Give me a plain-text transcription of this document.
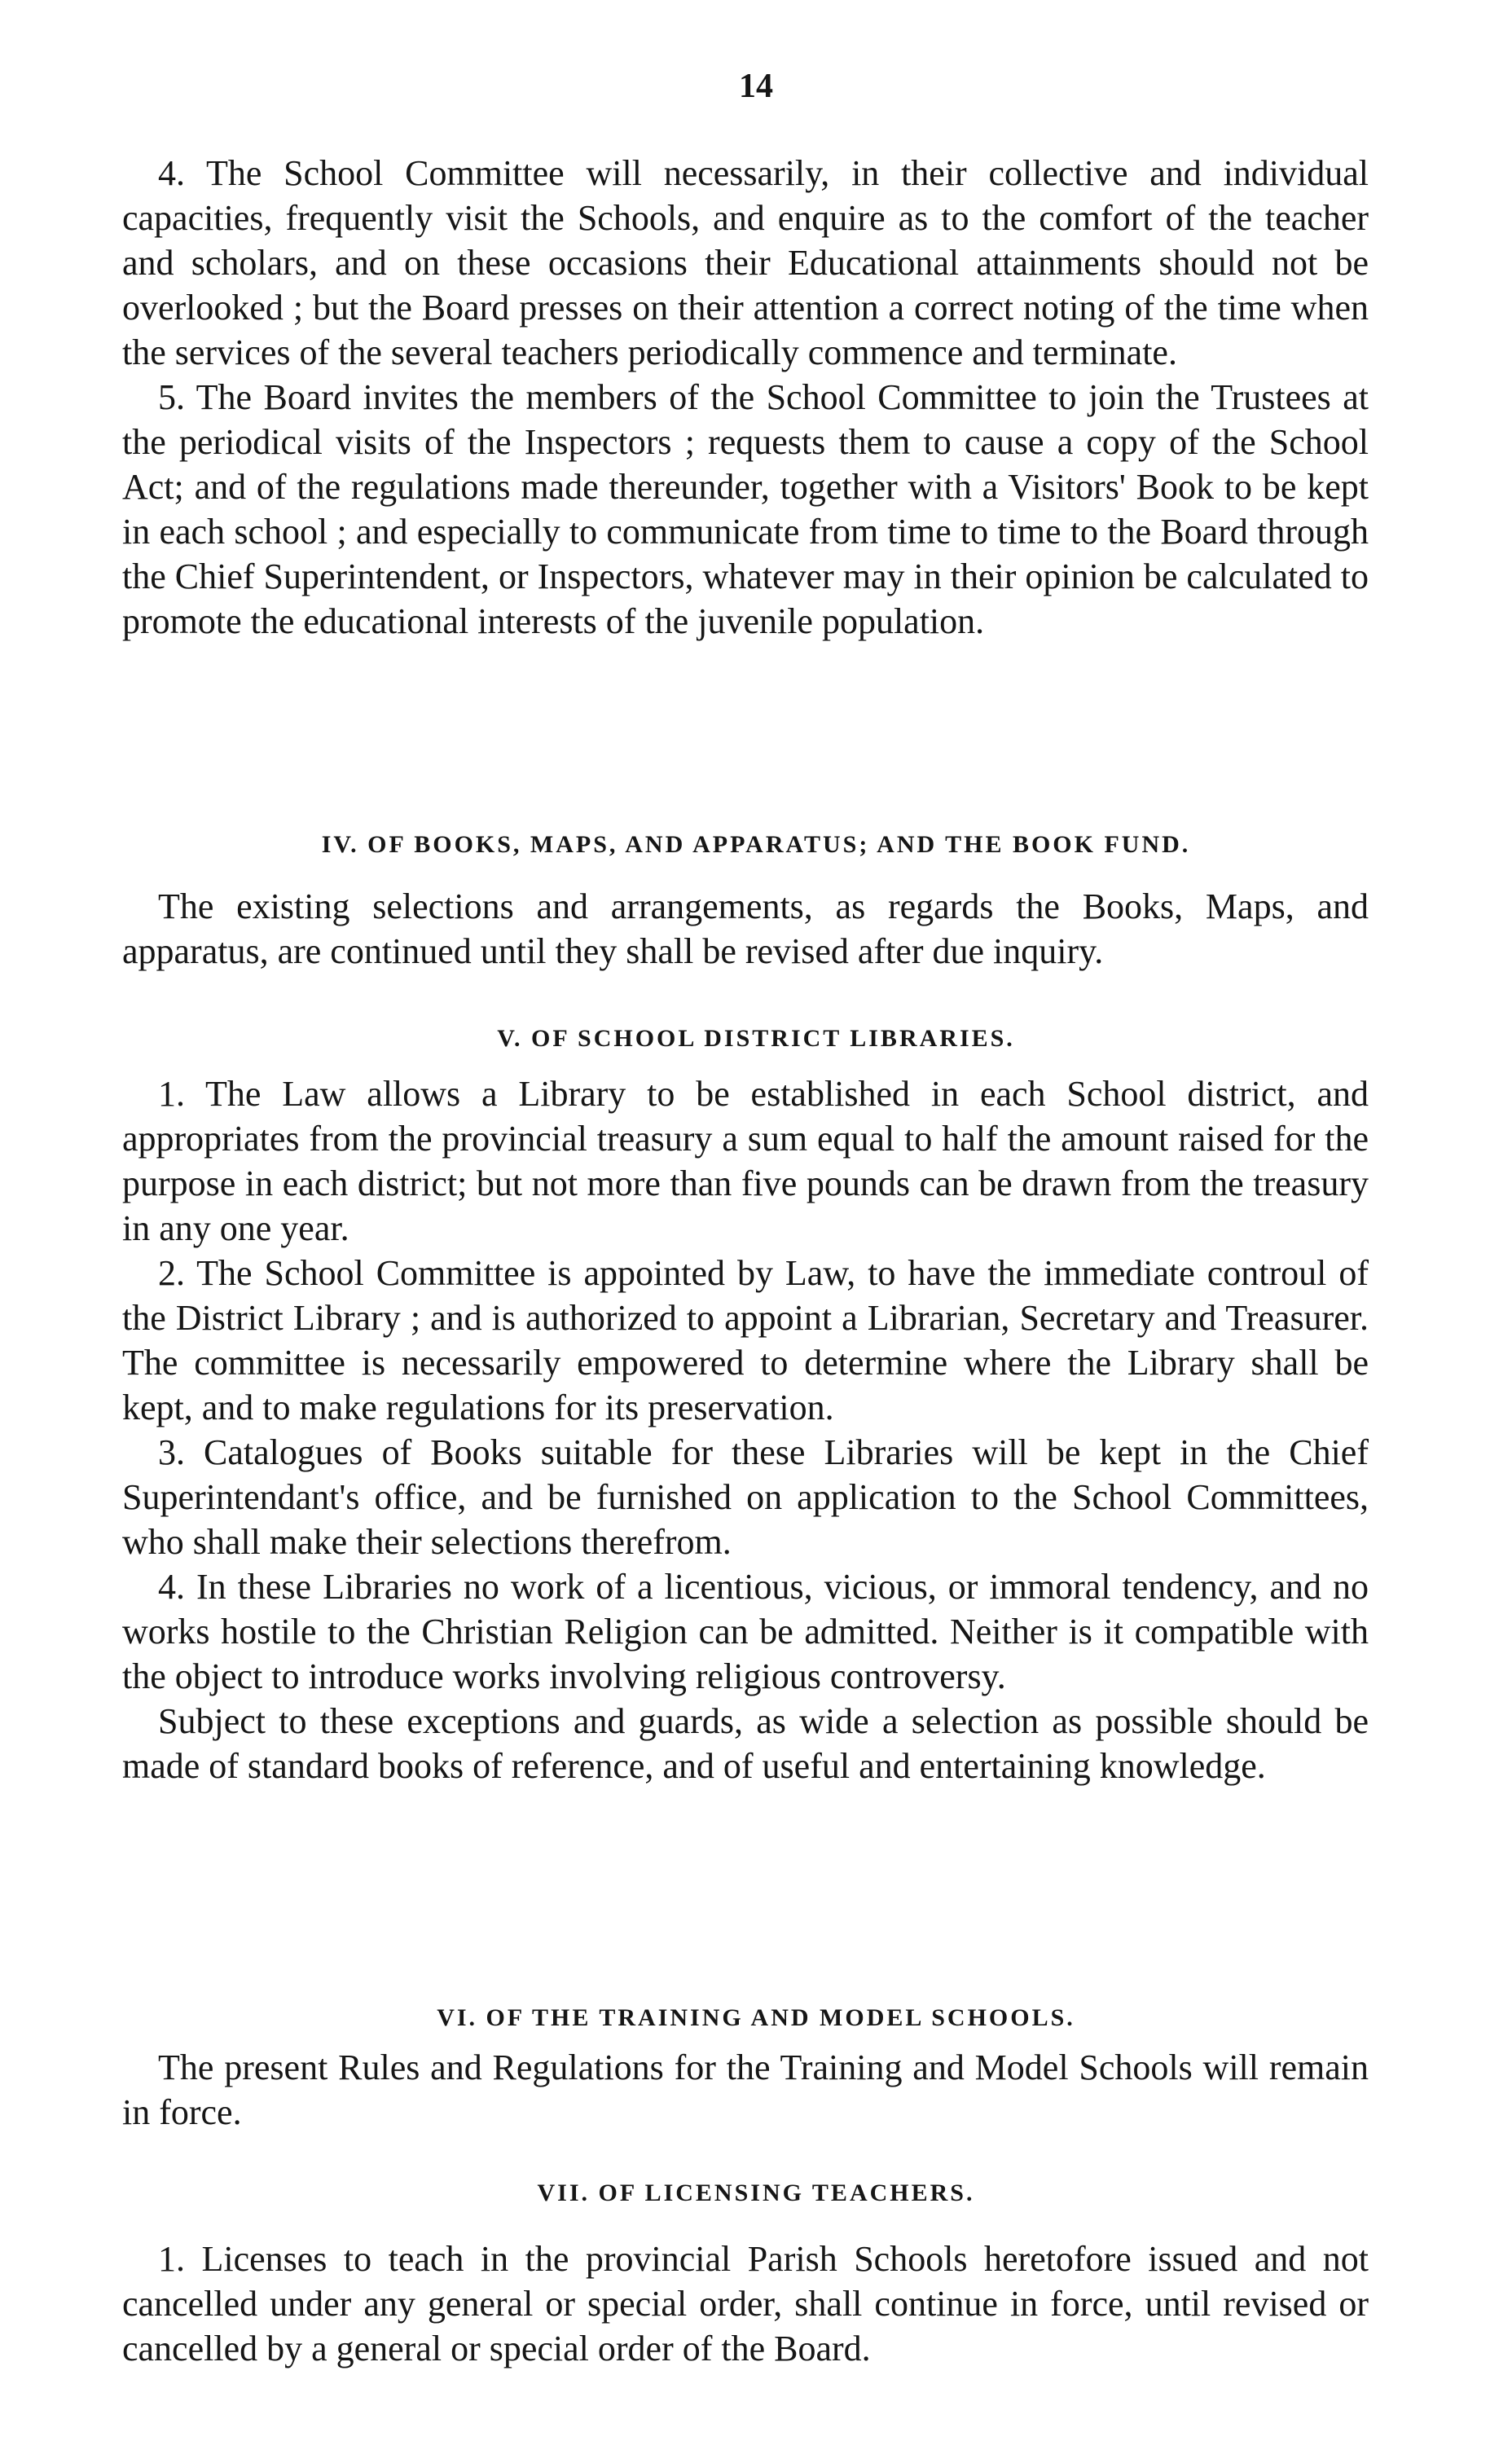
14

4. The School Committee will necessarily, in their collective and individual capacities, frequently visit the Schools, and enquire as to the comfort of the teacher and scholars, and on these occasions their Educational attainments should not be overlooked ; but the Board presses on their attention a correct noting of the time when the services of the several teachers periodically commence and terminate.

5. The Board invites the members of the School Committee to join the Trustees at the periodical visits of the Inspectors ; requests them to cause a copy of the School Act; and of the regulations made thereunder, together with a Visitors' Book to be kept in each school ; and especially to communicate from time to time to the Board through the Chief Superintendent, or Inspectors, whatever may in their opinion be calculated to promote the educational interests of the juvenile population.

IV. OF BOOKS, MAPS, AND APPARATUS; AND THE BOOK FUND.

The existing selections and arrangements, as regards the Books, Maps, and apparatus, are continued until they shall be revised after due inquiry.

V. OF SCHOOL DISTRICT LIBRARIES.

1. The Law allows a Library to be established in each School district, and appropriates from the provincial treasury a sum equal to half the amount raised for the purpose in each district; but not more than five pounds can be drawn from the treasury in any one year.

2. The School Committee is appointed by Law, to have the immediate controul of the District Library ; and is authorized to appoint a Librarian, Secretary and Treasurer. The committee is necessarily empowered to determine where the Library shall be kept, and to make regulations for its preservation.

3. Catalogues of Books suitable for these Libraries will be kept in the Chief Superintendant's office, and be furnished on application to the School Committees, who shall make their selections therefrom.

4. In these Libraries no work of a licentious, vicious, or immoral tendency, and no works hostile to the Christian Religion can be admitted. Neither is it compatible with the object to introduce works involving religious controversy.

Subject to these exceptions and guards, as wide a selection as possible should be made of standard books of reference, and of useful and entertaining knowledge.

VI. OF THE TRAINING AND MODEL SCHOOLS.

The present Rules and Regulations for the Training and Model Schools will remain in force.

VII. OF LICENSING TEACHERS.

1. Licenses to teach in the provincial Parish Schools heretofore issued and not cancelled under any general or special order, shall continue in force, until revised or cancelled by a general or special order of the Board.
